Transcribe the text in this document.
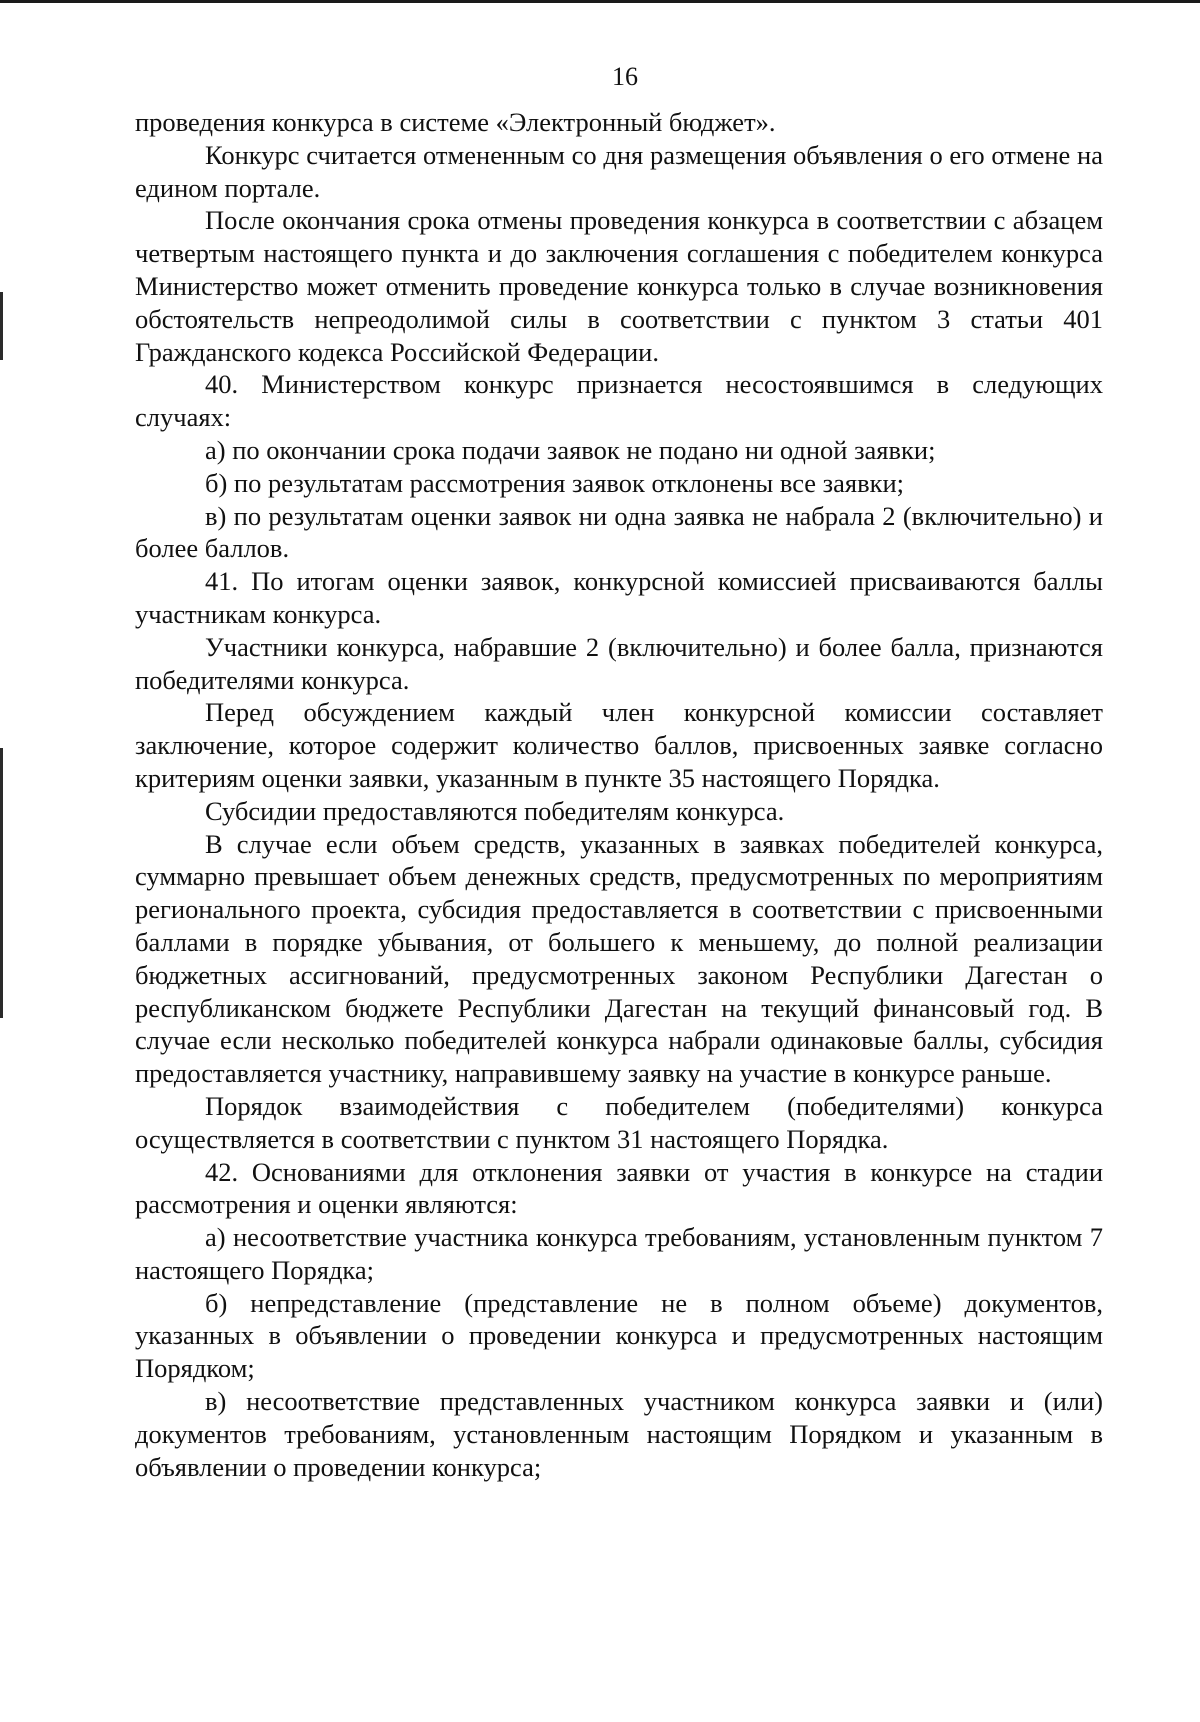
16

проведения конкурса в системе «Электронный бюджет».

Конкурс считается отмененным со дня размещения объявления о его отмене на едином портале.

После окончания срока отмены проведения конкурса в соответствии с абзацем четвертым настоящего пункта и до заключения соглашения с победителем конкурса Министерство может отменить проведение конкурса только в случае возникновения обстоятельств непреодолимой силы в соответствии с пунктом 3 статьи 401 Гражданского кодекса Российской Федерации.

40. Министерством конкурс признается несостоявшимся в следующих случаях:

а) по окончании срока подачи заявок не подано ни одной заявки;

б) по результатам рассмотрения заявок отклонены все заявки;

в) по результатам оценки заявок ни одна заявка не набрала 2 (включительно) и более баллов.

41. По итогам оценки заявок, конкурсной комиссией присваиваются баллы участникам конкурса.

Участники конкурса, набравшие 2 (включительно) и более балла, признаются победителями конкурса.

Перед обсуждением каждый член конкурсной комиссии составляет заключение, которое содержит количество баллов, присвоенных заявке согласно критериям оценки заявки, указанным в пункте 35 настоящего Порядка.

Субсидии предоставляются победителям конкурса.

В случае если объем средств, указанных в заявках победителей конкурса, суммарно превышает объем денежных средств, предусмотренных по мероприятиям регионального проекта, субсидия предоставляется в соответствии с присвоенными баллами в порядке убывания, от большего к меньшему, до полной реализации бюджетных ассигнований, предусмотренных законом Республики Дагестан о республиканском бюджете Республики Дагестан на текущий финансовый год. В случае если несколько победителей конкурса набрали одинаковые баллы, субсидия предоставляется участнику, направившему заявку на участие в конкурсе раньше.

Порядок взаимодействия с победителем (победителями) конкурса осуществляется в соответствии с пунктом 31 настоящего Порядка.

42. Основаниями для отклонения заявки от участия в конкурсе на стадии рассмотрения и оценки являются:

а) несоответствие участника конкурса требованиям, установленным пунктом 7 настоящего Порядка;

б) непредставление (представление не в полном объеме) документов, указанных в объявлении о проведении конкурса и предусмотренных настоящим Порядком;

в) несоответствие представленных участником конкурса заявки и (или) документов требованиям, установленным настоящим Порядком и указанным в объявлении о проведении конкурса;
